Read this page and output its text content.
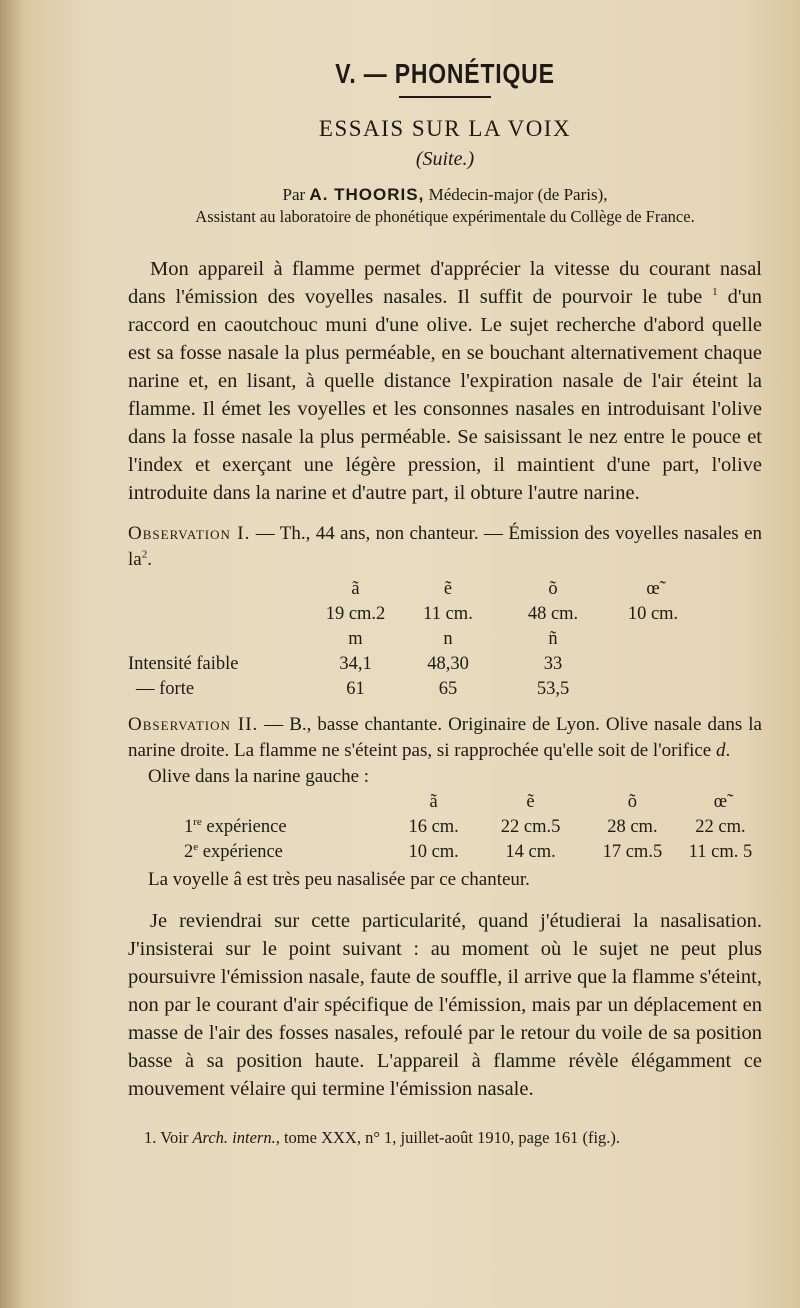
V. — PHONÉTIQUE
ESSAIS SUR LA VOIX
(Suite.)
Par A. THOORIS, Médecin-major (de Paris),
Assistant au laboratoire de phonétique expérimentale du Collège de France.

Mon appareil à flamme permet d'apprécier la vitesse du courant nasal dans l'émission des voyelles nasales. Il suffit de pourvoir le tube $^1$ d'un raccord en caoutchouc muni d'une olive. Le sujet recherche d'abord quelle est sa fosse nasale la plus perméable, en se bouchant alternativement chaque narine et, en lisant, à quelle distance l'expiration nasale de l'air éteint la flamme. Il émet les voyelles et les consonnes nasales en introduisant l'olive dans la fosse nasale la plus perméable. Se saisissant le nez entre le pouce et l'index et exerçant une légère pression, il maintient d'une part, l'olive introduite dans la narine et d'autre part, il obture l'autre narine.

Observation I. — Th., 44 ans, non chanteur. — Émission des voyelles nasales en $la^2$.
	ã	ẽ	õ	œ̃
	19 cm.2	11 cm.	48 cm.	10 cm.
	m	n	ñ	
Intensité faible	34,1	48,30	33	
— forte	61	65	53,5	
Observation II. — B., basse chantante. Originaire de Lyon. Olive nasale dans la narine droite. La flamme ne s'éteint pas, si rapprochée qu'elle soit de l'orifice d.
Olive dans la narine gauche :
	ã	ẽ	õ	œ̃
1re expérience	16 cm.	22 cm.5	28 cm.	22 cm.
2e expérience	10 cm.	14 cm.	17 cm.5	11 cm. 5
La voyelle â est très peu nasalisée par ce chanteur.

Je reviendrai sur cette particularité, quand j'étudierai la nasalisation. J'insisterai sur le point suivant : au moment où le sujet ne peut plus poursuivre l'émission nasale, faute de souffle, il arrive que la flamme s'éteint, non par le courant d'air spécifique de l'émission, mais par un déplacement en masse de l'air des fosses nasales, refoulé par le retour du voile de sa position basse à sa position haute. L'appareil à flamme révèle élégamment ce mouvement vélaire qui termine l'émission nasale.

1. Voir Arch. intern., tome XXX, n° 1, juillet-août 1910, page 161 (fig.).
